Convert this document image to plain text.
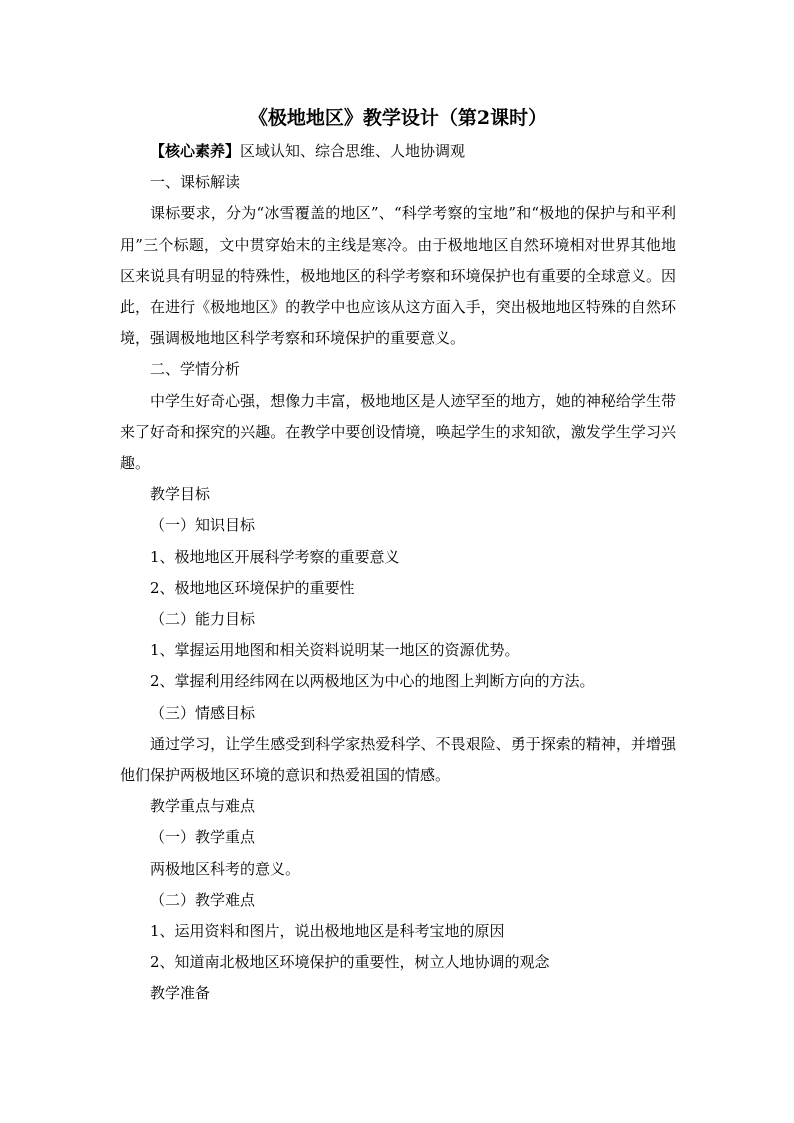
《极地地区》教学设计（第2课时）

【核心素养】区域认知、综合思维、人地协调观

一、课标解读

课标要求，分为“冰雪覆盖的地区”、“科学考察的宝地”和“极地的保护与和平利用”三个标题，文中贯穿始末的主线是寒冷。由于极地地区自然环境相对世界其他地区来说具有明显的特殊性，极地地区的科学考察和环境保护也有重要的全球意义。因此，在进行《极地地区》的教学中也应该从这方面入手，突出极地地区特殊的自然环境，强调极地地区科学考察和环境保护的重要意义。

二、学情分析

中学生好奇心强，想像力丰富，极地地区是人迹罕至的地方，她的神秘给学生带来了好奇和探究的兴趣。在教学中要创设情境，唤起学生的求知欲，激发学生学习兴趣。

教学目标

（一）知识目标

1、极地地区开展科学考察的重要意义

2、极地地区环境保护的重要性

（二）能力目标

1、掌握运用地图和相关资料说明某一地区的资源优势。

2、掌握利用经纬网在以两极地区为中心的地图上判断方向的方法。

（三）情感目标

通过学习，让学生感受到科学家热爱科学、不畏艰险、勇于探索的精神，并增强他们保护两极地区环境的意识和热爱祖国的情感。

教学重点与难点

（一）教学重点

两极地区科考的意义。

（二）教学难点

1、运用资料和图片，说出极地地区是科考宝地的原因

2、知道南北极地区环境保护的重要性，树立人地协调的观念

教学准备
